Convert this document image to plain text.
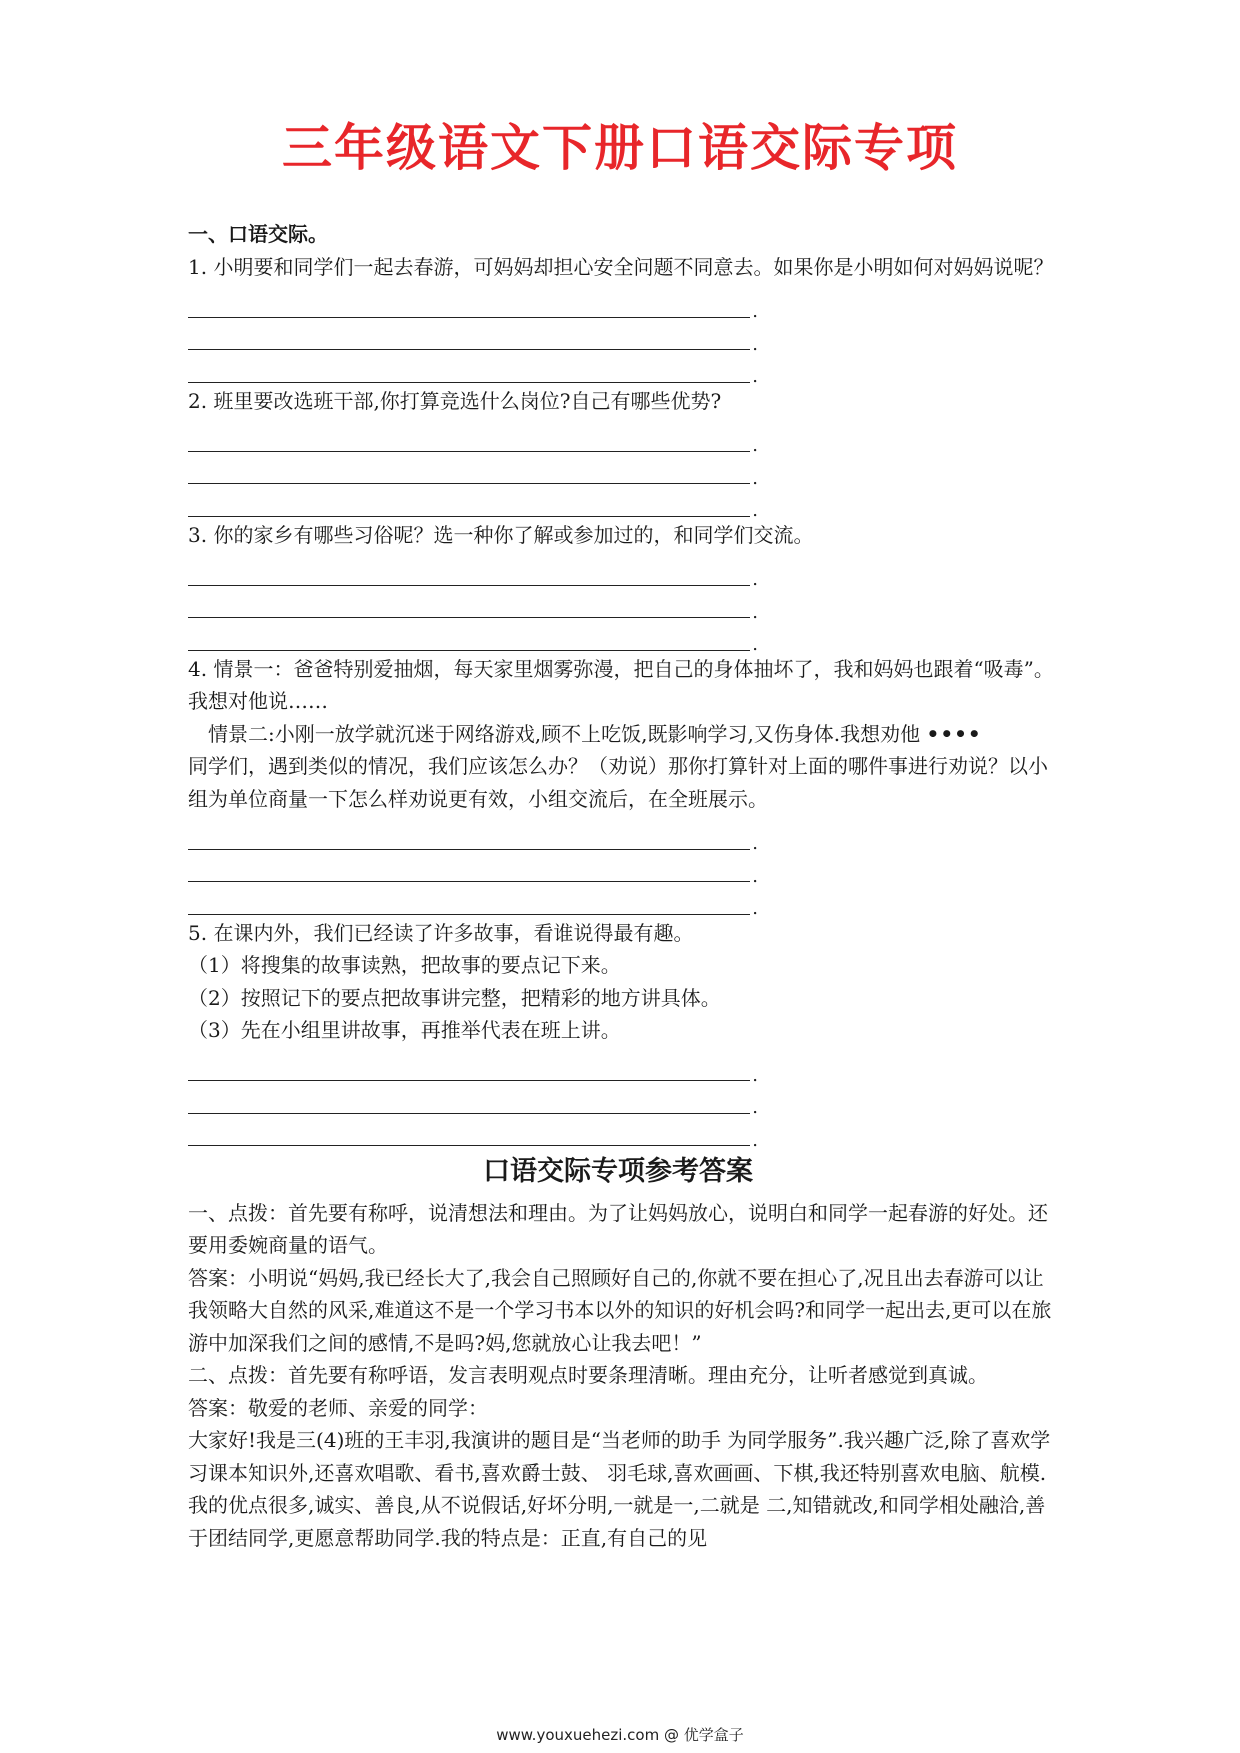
三年级语文下册口语交际专项

一、口语交际。

1. 小明要和同学们一起去春游，可妈妈却担心安全问题不同意去。如果你是小明如何对妈妈说呢？

.
.
.

2. 班里要改选班干部,你打算竞选什么岗位?自己有哪些优势?

.
.
.

3. 你的家乡有哪些习俗呢？选一种你了解或参加过的，和同学们交流。

.
.
.

4. 情景一：爸爸特别爱抽烟，每天家里烟雾弥漫，把自己的身体抽坏了，我和妈妈也跟着“吸毒”。我想对他说……

情景二:小刚一放学就沉迷于网络游戏,顾不上吃饭,既影响学习,又伤身体.我想劝他 ••••

同学们，遇到类似的情况，我们应该怎么办？（劝说）那你打算针对上面的哪件事进行劝说？以小组为单位商量一下怎么样劝说更有效，小组交流后，在全班展示。

.
.
.

5. 在课内外，我们已经读了许多故事，看谁说得最有趣。

（1）将搜集的故事读熟，把故事的要点记下来。

（2）按照记下的要点把故事讲完整，把精彩的地方讲具体。

（3）先在小组里讲故事，再推举代表在班上讲。

.
.
.
口语交际专项参考答案

一、点拨：首先要有称呼，说清想法和理由。为了让妈妈放心，说明白和同学一起春游的好处。还要用委婉商量的语气。

答案：小明说“妈妈,我已经长大了,我会自己照顾好自己的,你就不要在担心了,况且出去春游可以让我领略大自然的风采,难道这不是一个学习书本以外的知识的好机会吗?和同学一起出去,更可以在旅游中加深我们之间的感情,不是吗?妈,您就放心让我去吧！”

二、点拨：首先要有称呼语，发言表明观点时要条理清晰。理由充分，让听者感觉到真诚。

答案：敬爱的老师、亲爱的同学：

大家好!我是三(4)班的王丰羽,我演讲的题目是“当老师的助手 为同学服务”.我兴趣广泛,除了喜欢学习课本知识外,还喜欢唱歌、看书,喜欢爵士鼓、 羽毛球,喜欢画画、下棋,我还特别喜欢电脑、航模.我的优点很多,诚实、善良,从不说假话,好坏分明,一就是一,二就是 二,知错就改,和同学相处融洽,善于团结同学,更愿意帮助同学.我的特点是：正直,有自己的见

www.youxuehezi.com @ 优学盒子
